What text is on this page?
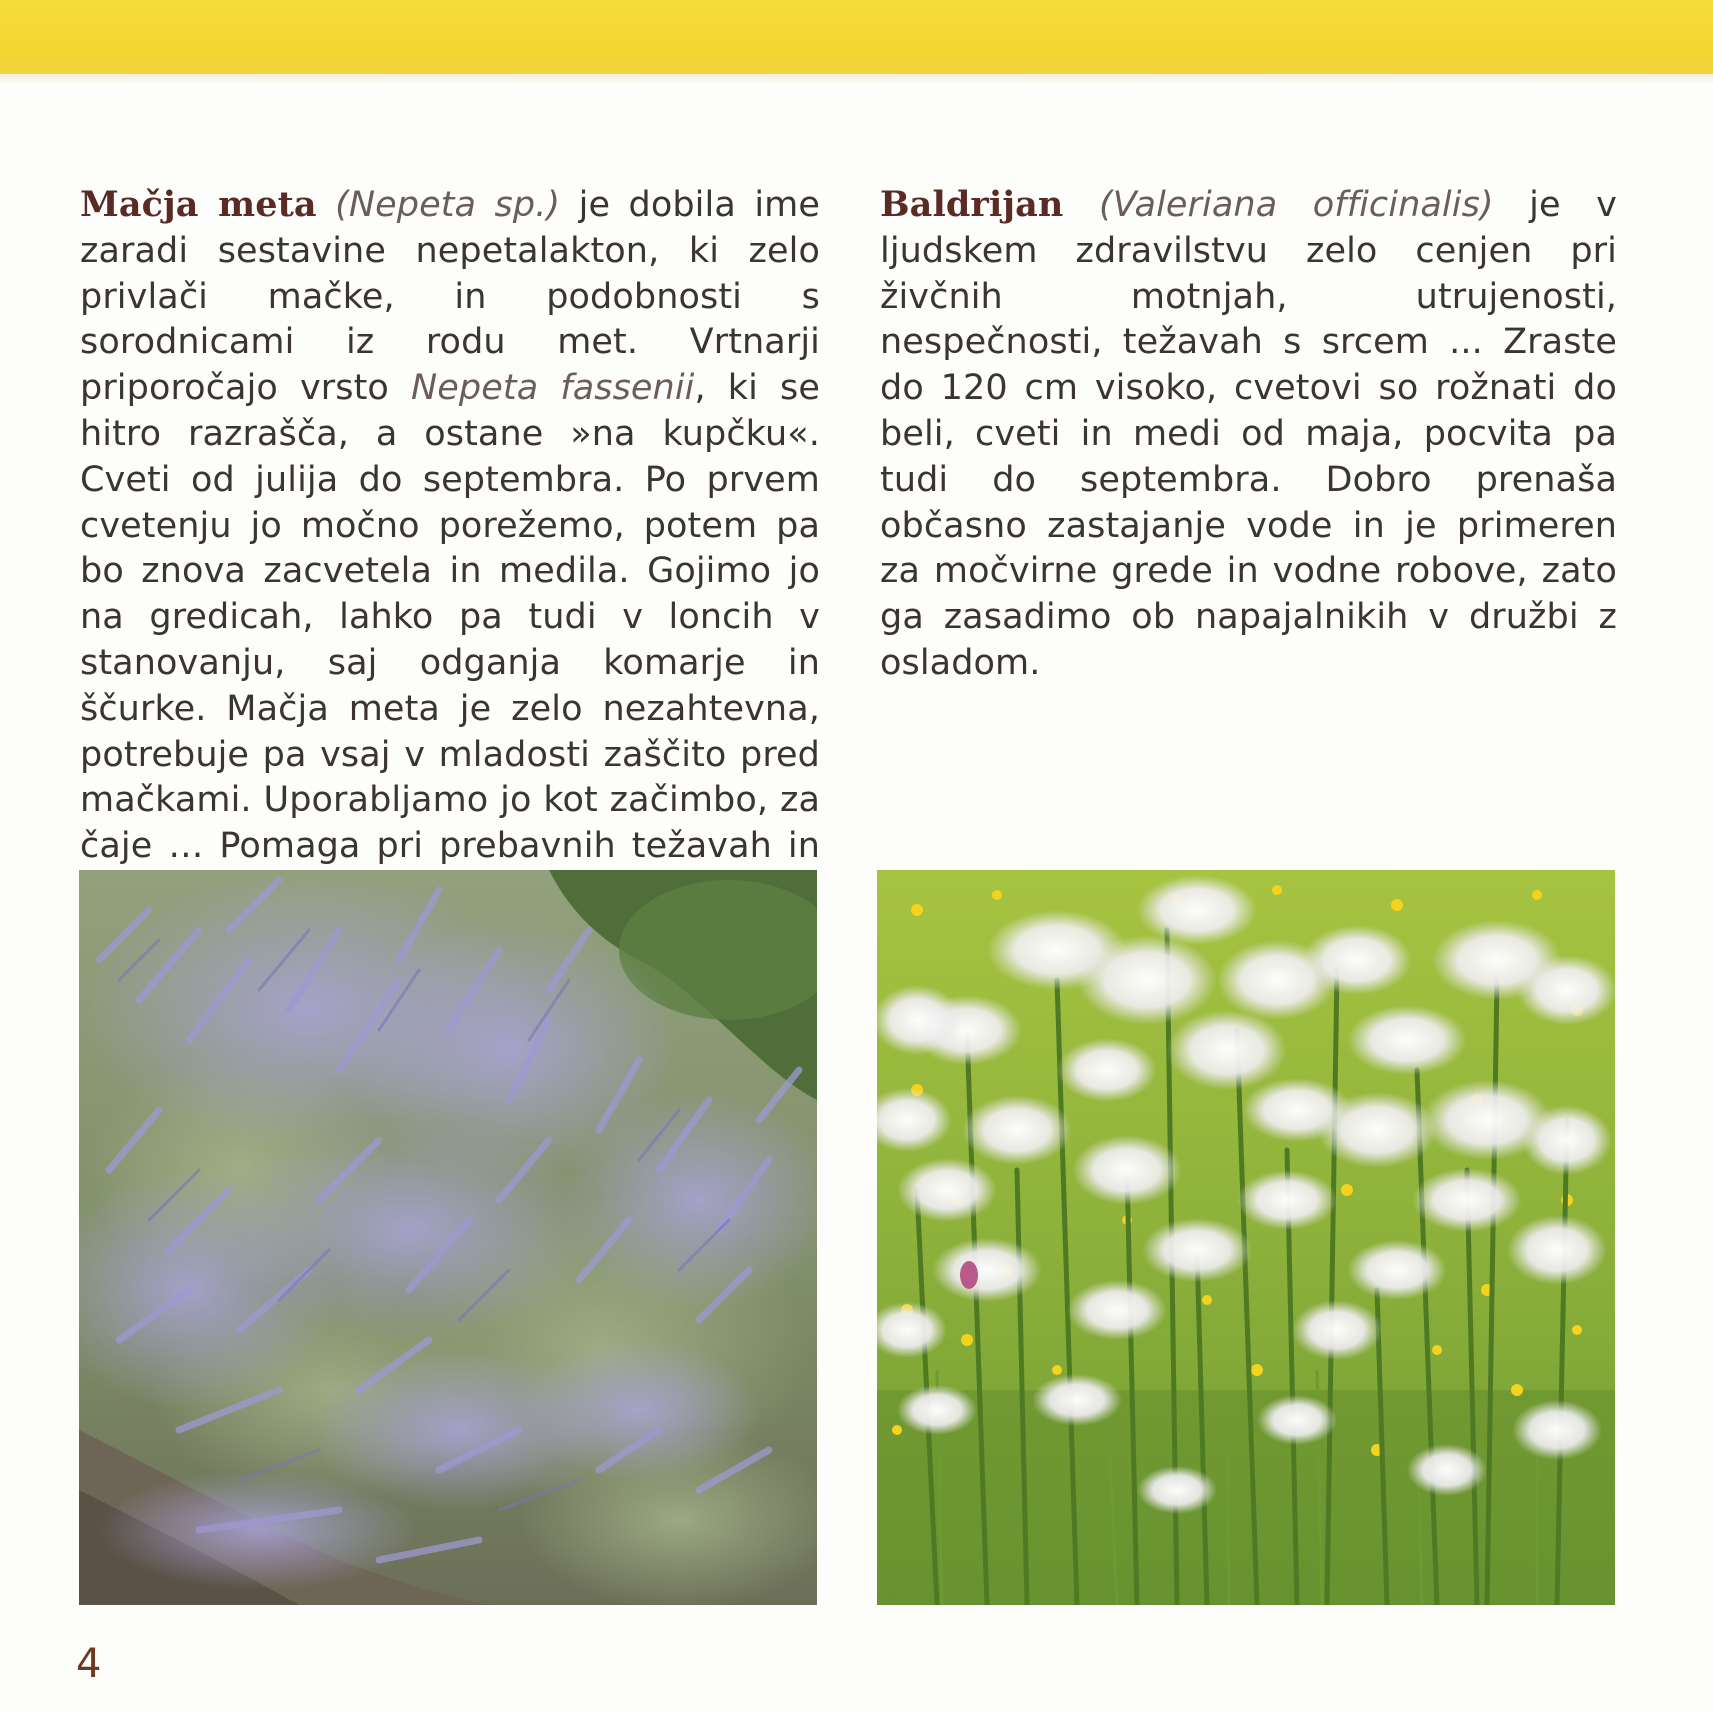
Mačja meta (Nepeta sp.) je dobila ime zaradi sestavine nepetalakton, ki zelo privlači mačke, in podobnosti s sorodnicami iz rodu met. Vrtnarji priporočajo vrsto Nepeta fassenii, ki se hitro razrašča, a ostane »na kupčku«. Cveti od julija do septembra. Po prvem cvetenju jo močno porežemo, potem pa bo znova zacvetela in medila. Gojimo jo na gredicah, lahko pa tudi v loncih v stanovanju, saj odganja komarje in ščurke. Mačja meta je zelo nezahtevna, potrebuje pa vsaj v mladosti zaščito pred mačkami. Uporabljamo jo kot začimbo, za čaje … Pomaga pri prebavnih težavah in
Baldrijan (Valeriana officinalis) je v ljudskem zdravilstvu zelo cenjen pri živčnih motnjah, utrujenosti, nespečnosti, težavah s srcem ... Zraste do 120 cm visoko, cvetovi so rožnati do beli, cveti in medi od maja, pocvita pa tudi do septembra. Dobro prenaša občasno zastajanje vode in je primeren za močvirne grede in vodne robove, zato ga zasadimo ob napajalnikih v družbi z osladom.
4
